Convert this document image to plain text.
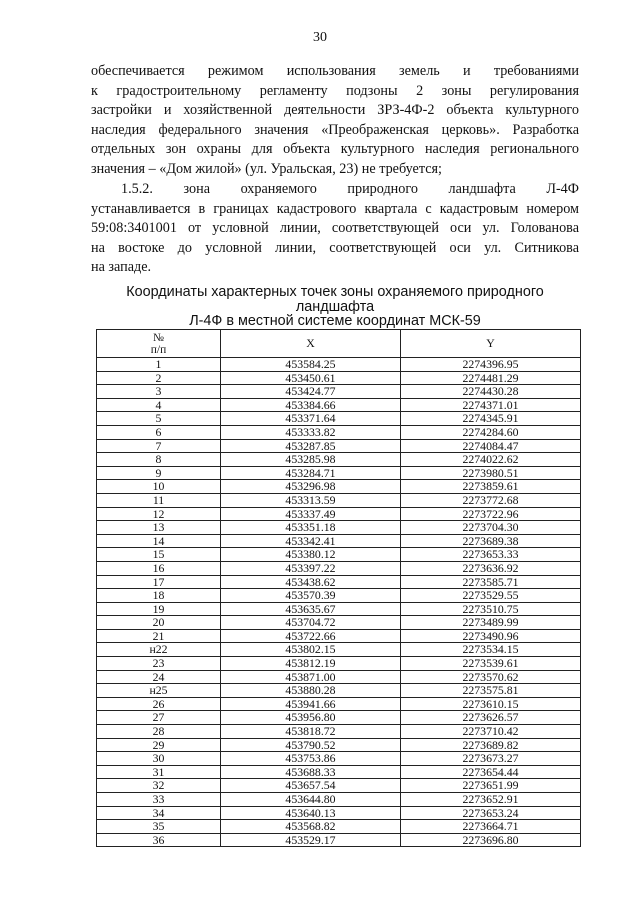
30

обеспечивается режимом использования земель и требованиями
к градостроительному регламенту подзоны 2 зоны регулирования
застройки и хозяйственной деятельности ЗРЗ-4Ф-2 объекта культурного
наследия федерального значения «Преображенская церковь». Разработка
отдельных зон охраны для объекта культурного наследия регионального
значения – «Дом жилой» (ул. Уральская, 23) не требуется;

1.5.2. зона охраняемого природного ландшафта Л-4Ф
устанавливается в границах кадастрового квартала с кадастровым номером
59:08:3401001 от условной линии, соответствующей оси ул. Голованова
на востоке до условной линии, соответствующей оси ул. Ситникова
на западе.

Координаты характерных точек зоны охраняемого природного ландшафта
Л-4Ф в местной системе координат МСК-59
№
п/п	X	Y
1	453584.25	2274396.95
2	453450.61	2274481.29
3	453424.77	2274430.28
4	453384.66	2274371.01
5	453371.64	2274345.91
6	453333.82	2274284.60
7	453287.85	2274084.47
8	453285.98	2274022.62
9	453284.71	2273980.51
10	453296.98	2273859.61
11	453313.59	2273772.68
12	453337.49	2273722.96
13	453351.18	2273704.30
14	453342.41	2273689.38
15	453380.12	2273653.33
16	453397.22	2273636.92
17	453438.62	2273585.71
18	453570.39	2273529.55
19	453635.67	2273510.75
20	453704.72	2273489.99
21	453722.66	2273490.96
н22	453802.15	2273534.15
23	453812.19	2273539.61
24	453871.00	2273570.62
н25	453880.28	2273575.81
26	453941.66	2273610.15
27	453956.80	2273626.57
28	453818.72	2273710.42
29	453790.52	2273689.82
30	453753.86	2273673.27
31	453688.33	2273654.44
32	453657.54	2273651.99
33	453644.80	2273652.91
34	453640.13	2273653.24
35	453568.82	2273664.71
36	453529.17	2273696.80
